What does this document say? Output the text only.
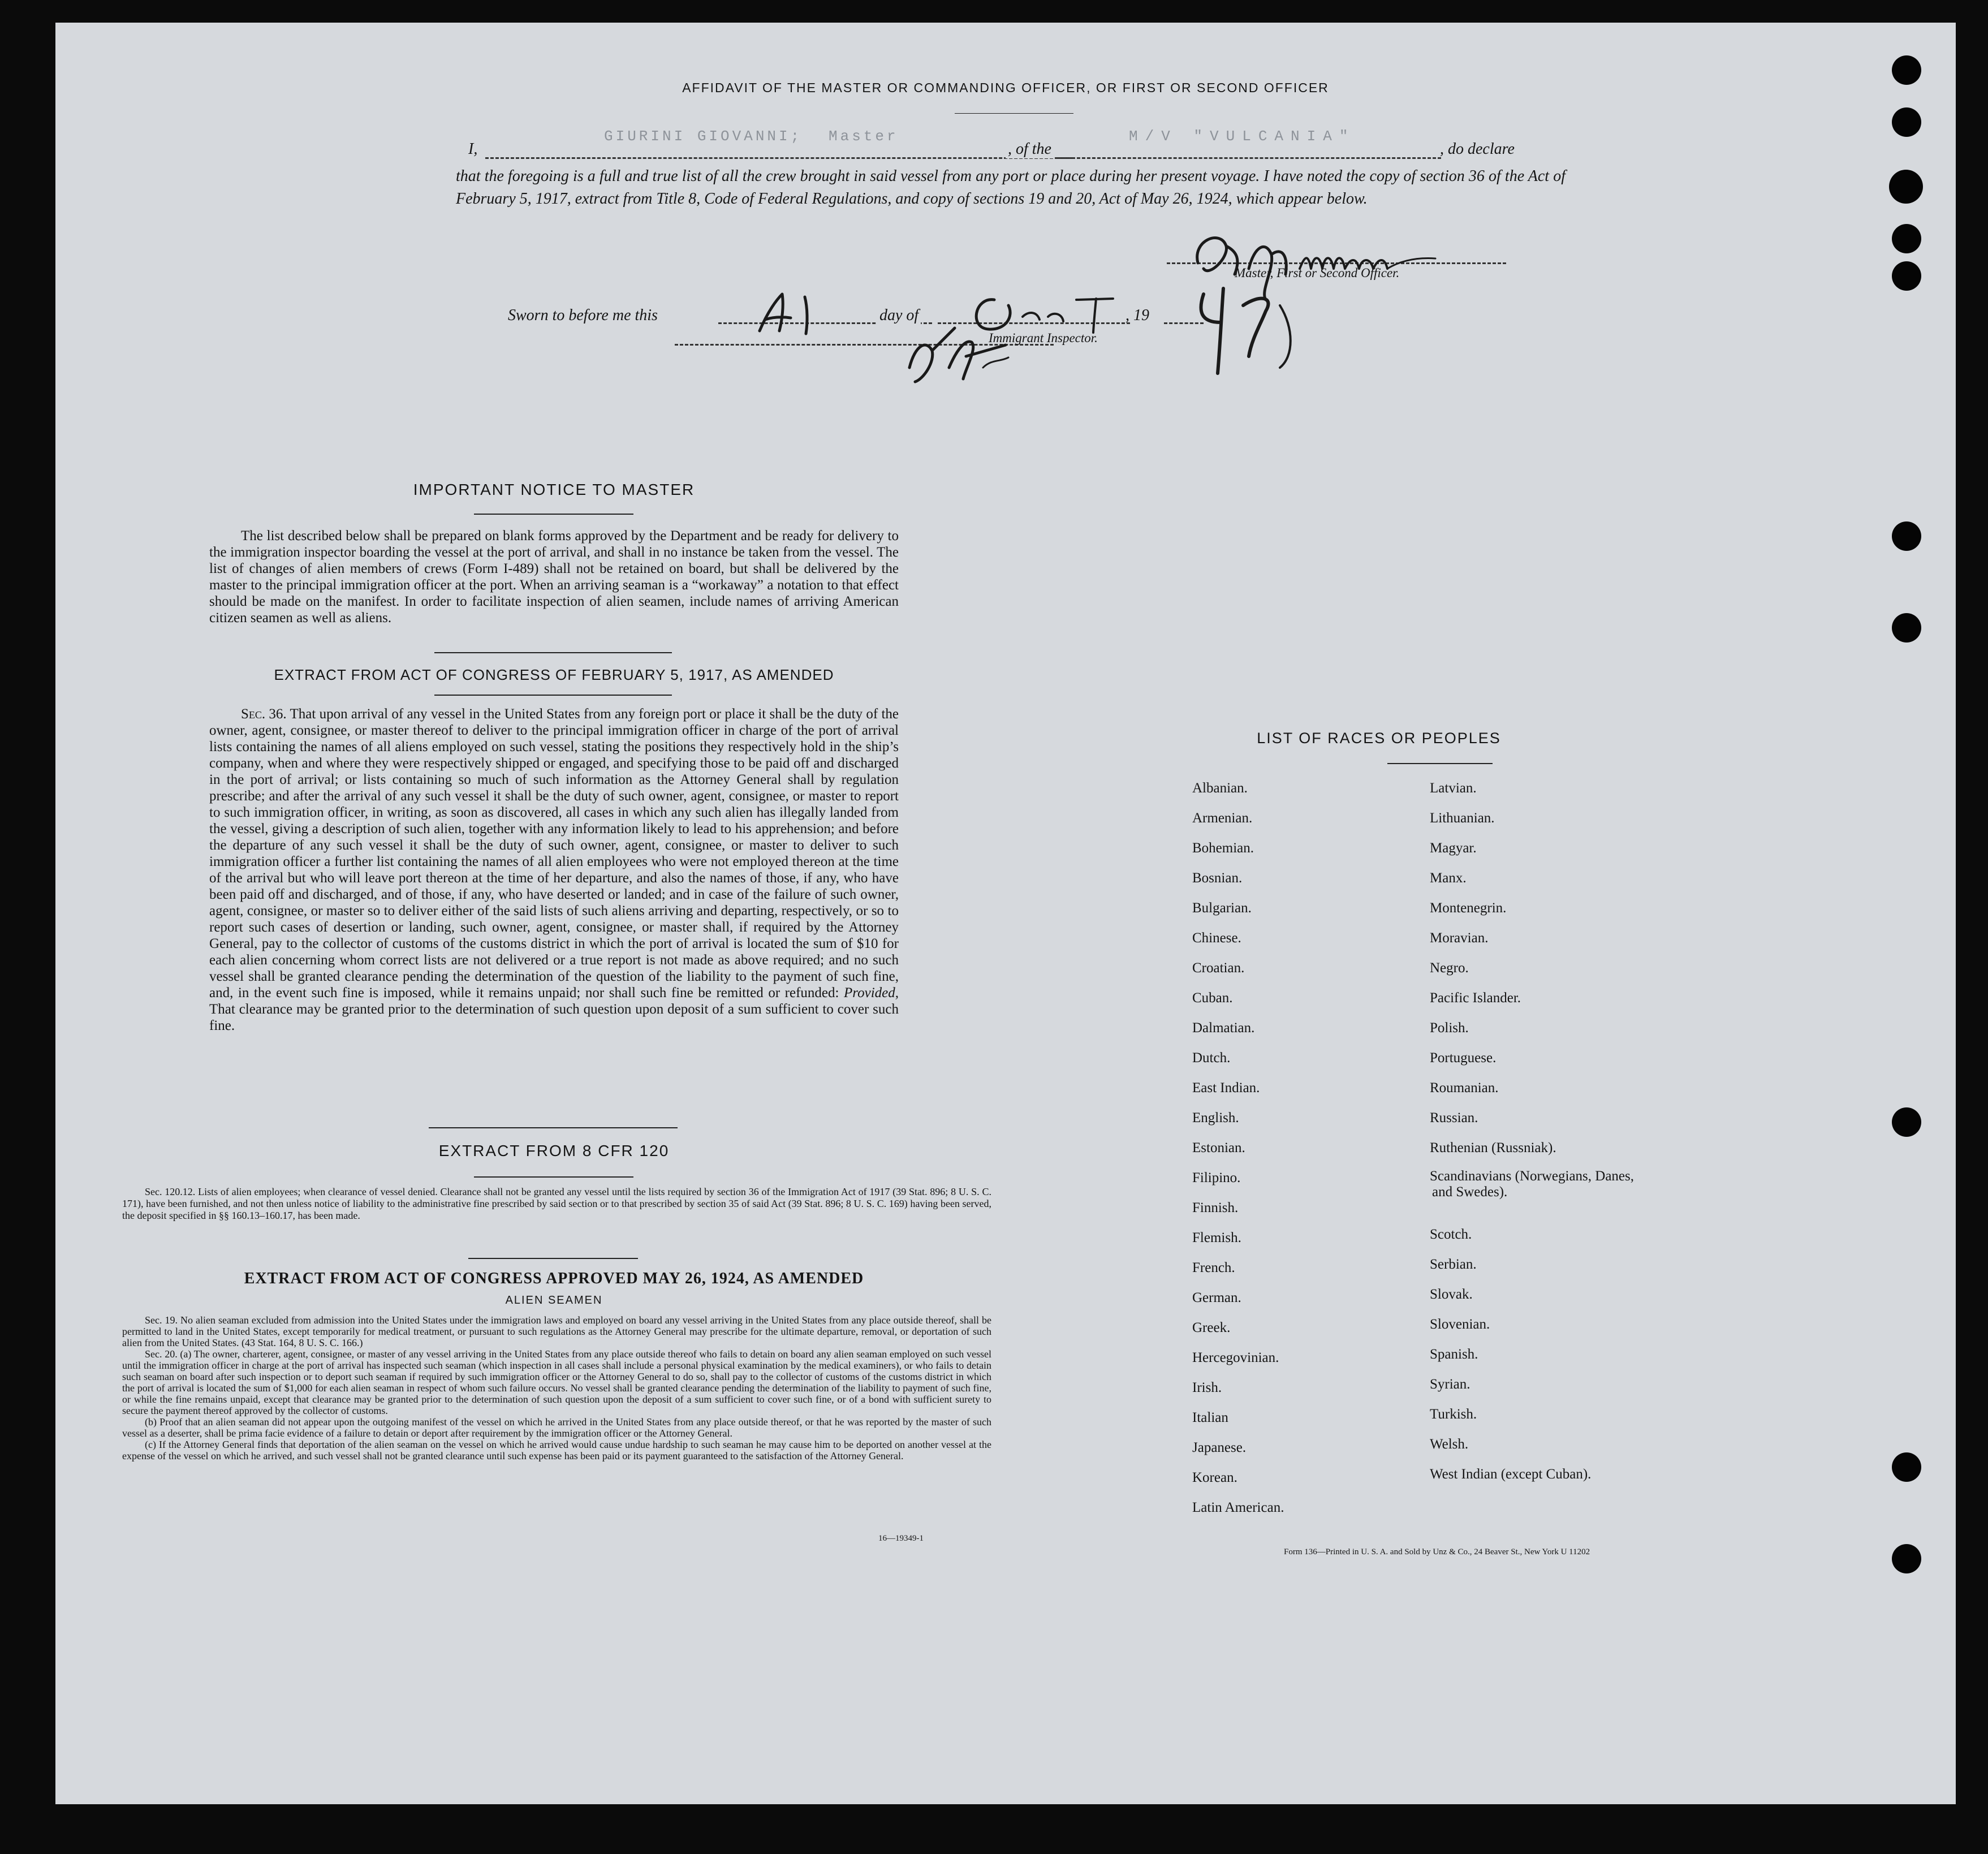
AFFIDAVIT OF THE MASTER OR COMMANDING OFFICER, OR FIRST OR SECOND OFFICER
I,
GIURINI GIOVANNI; Master
, of the
M/V "VULCANIA"
, do declare
that the foregoing is a full and true list of all the crew brought in said vessel from any port or place during her present voyage. I have noted the copy of section 36 of the Act of February 5, 1917, extract from Title 8, Code of Federal Regulations, and copy of sections 19 and 20, Act of May 26, 1924, which appear below.
Master, First or Second Officer.
Sworn to before me this	day of	, 19
Immigrant Inspector.
IMPORTANT NOTICE TO MASTER
The list described below shall be prepared on blank forms approved by the Department and be ready for delivery to the immigration inspector boarding the vessel at the port of arrival, and shall in no instance be taken from the vessel. The list of changes of alien members of crews (Form I-489) shall not be retained on board, but shall be delivered by the master to the principal immigration officer at the port. When an arriving seaman is a “workaway” a notation to that effect should be made on the manifest. In order to facilitate inspection of alien seamen, include names of arriving American citizen seamen as well as aliens.
EXTRACT FROM ACT OF CONGRESS OF FEBRUARY 5, 1917, AS AMENDED
Sec. 36. That upon arrival of any vessel in the United States from any foreign port or place it shall be the duty of the owner, agent, consignee, or master thereof to deliver to the principal immigration officer in charge of the port of arrival lists containing the names of all aliens employed on such vessel, stating the positions they respectively hold in the ship’s company, when and where they were respectively shipped or engaged, and specifying those to be paid off and discharged in the port of arrival; or lists containing so much of such information as the Attorney General shall by regulation prescribe; and after the arrival of any such vessel it shall be the duty of such owner, agent, consignee, or master to report to such immigration officer, in writing, as soon as discovered, all cases in which any such alien has illegally landed from the vessel, giving a description of such alien, together with any information likely to lead to his apprehension; and before the departure of any such vessel it shall be the duty of such owner, agent, consignee, or master to deliver to such immigration officer a further list containing the names of all alien employees who were not employed thereon at the time of the arrival but who will leave port thereon at the time of her departure, and also the names of those, if any, who have been paid off and discharged, and of those, if any, who have deserted or landed; and in case of the failure of such owner, agent, consignee, or master so to deliver either of the said lists of such aliens arriving and departing, respectively, or so to report such cases of desertion or landing, such owner, agent, consignee, or master shall, if required by the Attorney General, pay to the collector of customs of the customs district in which the port of arrival is located the sum of $10 for each alien concerning whom correct lists are not delivered or a true report is not made as above required; and no such vessel shall be granted clearance pending the determination of the question of the liability to the payment of such fine, and, in the event such fine is imposed, while it remains unpaid; nor shall such fine be remitted or refunded: Provided, That clearance may be granted prior to the determination of such question upon deposit of a sum sufficient to cover such fine.
EXTRACT FROM 8 CFR 120
Sec. 120.12. Lists of alien employees; when clearance of vessel denied. Clearance shall not be granted any vessel until the lists required by section 36 of the Immigration Act of 1917 (39 Stat. 896; 8 U. S. C. 171), have been furnished, and not then unless notice of liability to the administrative fine prescribed by said section or to that prescribed by section 35 of said Act (39 Stat. 896; 8 U. S. C. 169) having been served, the deposit specified in §§ 160.13–160.17, has been made.
EXTRACT FROM ACT OF CONGRESS APPROVED MAY 26, 1924, AS AMENDED
ALIEN SEAMEN
Sec. 19. No alien seaman excluded from admission into the United States under the immigration laws and employed on board any vessel arriving in the United States from any place outside thereof, shall be permitted to land in the United States, except temporarily for medical treatment, or pursuant to such regulations as the Attorney General may prescribe for the ultimate departure, removal, or deportation of such alien from the United States. (43 Stat. 164, 8 U. S. C. 166.)
Sec. 20. (a) The owner, charterer, agent, consignee, or master of any vessel arriving in the United States from any place outside thereof who fails to detain on board any alien seaman employed on such vessel until the immigration officer in charge at the port of arrival has inspected such seaman (which inspection in all cases shall include a personal physical examination by the medical examiners), or who fails to detain such seaman on board after such inspection or to deport such seaman if required by such immigration officer or the Attorney General to do so, shall pay to the collector of customs of the customs district in which the port of arrival is located the sum of $1,000 for each alien seaman in respect of whom such failure occurs. No vessel shall be granted clearance pending the determination of the liability to payment of such fine, or while the fine remains unpaid, except that clearance may be granted prior to the determination of such question upon the deposit of a sum sufficient to cover such fine, or of a bond with sufficient surety to secure the payment thereof approved by the collector of customs.
(b) Proof that an alien seaman did not appear upon the outgoing manifest of the vessel on which he arrived in the United States from any place outside thereof, or that he was reported by the master of such vessel as a deserter, shall be prima facie evidence of a failure to detain or deport after requirement by the immigration officer or the Attorney General.
(c) If the Attorney General finds that deportation of the alien seaman on the vessel on which he arrived would cause undue hardship to such seaman he may cause him to be deported on another vessel at the expense of the vessel on which he arrived, and such vessel shall not be granted clearance until such expense has been paid or its payment guaranteed to the satisfaction of the Attorney General.
16—19349-1
LIST OF RACES OR PEOPLES
Albanian.
Armenian.
Bohemian.
Bosnian.
Bulgarian.
Chinese.
Croatian.
Cuban.
Dalmatian.
Dutch.
East Indian.
English.
Estonian.
Filipino.
Finnish.
Flemish.
French.
German.
Greek.
Hercegovinian.
Irish.
Italian
Japanese.
Korean.
Latin American.
Latvian.
Lithuanian.
Magyar.
Manx.
Montenegrin.
Moravian.
Negro.
Pacific Islander.
Polish.
Portuguese.
Roumanian.
Russian.
Ruthenian (Russniak).
Scandinavians (Norwegians, Danes, and Swedes).
Scotch.
Serbian.
Slovak.
Slovenian.
Spanish.
Syrian.
Turkish.
Welsh.
West Indian (except Cuban).
Form 136—Printed in U. S. A. and Sold by Unz & Co., 24 Beaver St., New York U 11202
